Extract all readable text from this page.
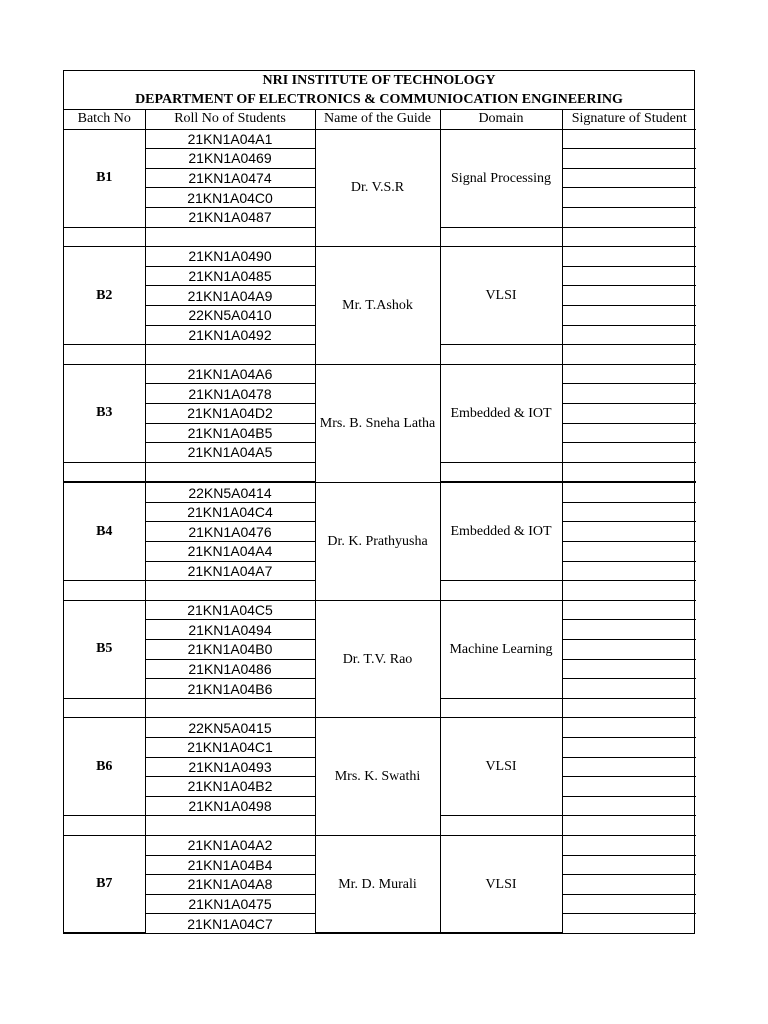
NRI INSTITUTE OF TECHNOLOGY
DEPARTMENT OF ELECTRONICS & COMMUNIOCATION ENGINEERING
Batch No	Roll No of Students	Name of the Guide	Domain	Signature of Student
B1	21KN1A04A1	Dr. V.S.R	Signal Processing	
	21KN1A0469			
	21KN1A0474			
	21KN1A04C0			
	21KN1A0487			

B2	21KN1A0490	Mr. T.Ashok	VLSI	
	21KN1A0485			
	21KN1A04A9			
	22KN5A0410			
	21KN1A0492			

B3	21KN1A04A6	Mrs. B. Sneha Latha	Embedded & IOT	
	21KN1A0478			
	21KN1A04D2			
	21KN1A04B5			
	21KN1A04A5			

B4	22KN5A0414	Dr. K. Prathyusha	Embedded & IOT	
	21KN1A04C4			
	21KN1A0476			
	21KN1A04A4			
	21KN1A04A7			

B5	21KN1A04C5	Dr. T.V. Rao	Machine Learning	
	21KN1A0494			
	21KN1A04B0			
	21KN1A0486			
	21KN1A04B6			

B6	22KN5A0415	Mrs. K. Swathi	VLSI	
	21KN1A04C1			
	21KN1A0493			
	21KN1A04B2			
	21KN1A0498			

B7	21KN1A04A2	Mr. D. Murali	VLSI	
	21KN1A04B4			
	21KN1A04A8			
	21KN1A0475			
	21KN1A04C7			
